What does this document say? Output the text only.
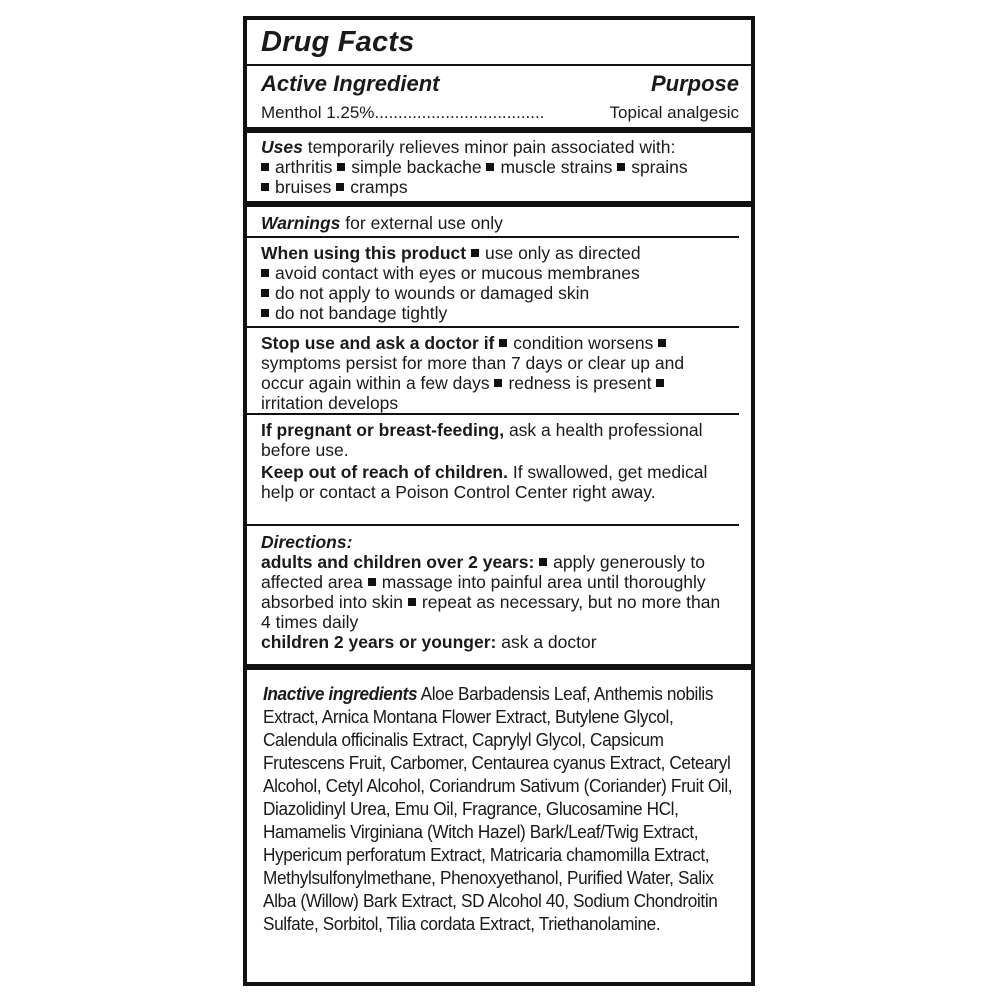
Drug Facts
Active Ingredient	Purpose
Menthol 1.25% ....................................	Topical analgesic
Uses temporarily relieves minor pain associated with:
arthritis simple backache muscle strains sprains
bruises cramps
Warnings for external use only
When using this product use only as directed
avoid contact with eyes or mucous membranes
do not apply to wounds or damaged skin
do not bandage tightly
Stop use and ask a doctor if condition worsens symptoms persist for more than 7 days or clear up and occur again within a few days redness is present irritation develops
If pregnant or breast-feeding, ask a health professional before use.
Keep out of reach of children. If swallowed, get medical help or contact a Poison Control Center right away.
Directions:
adults and children over 2 years: apply generously to affected area massage into painful area until thoroughly absorbed into skin repeat as necessary, but no more than 4 times daily
children 2 years or younger: ask a doctor
Inactive ingredients Aloe Barbadensis Leaf, Anthemis nobilis Extract, Arnica Montana Flower Extract, Butylene Glycol, Calendula officinalis Extract, Caprylyl Glycol, Capsicum Frutescens Fruit, Carbomer, Centaurea cyanus Extract, Cetearyl Alcohol, Cetyl Alcohol, Coriandrum Sativum (Coriander) Fruit Oil, Diazolidinyl Urea, Emu Oil, Fragrance, Glucosamine HCl, Hamamelis Virginiana (Witch Hazel) Bark/Leaf/Twig Extract, Hypericum perforatum Extract, Matricaria chamomilla Extract, Methylsulfonylmethane, Phenoxyethanol, Purified Water, Salix Alba (Willow) Bark Extract, SD Alcohol 40, Sodium Chondroitin Sulfate, Sorbitol, Tilia cordata Extract, Triethanolamine.
